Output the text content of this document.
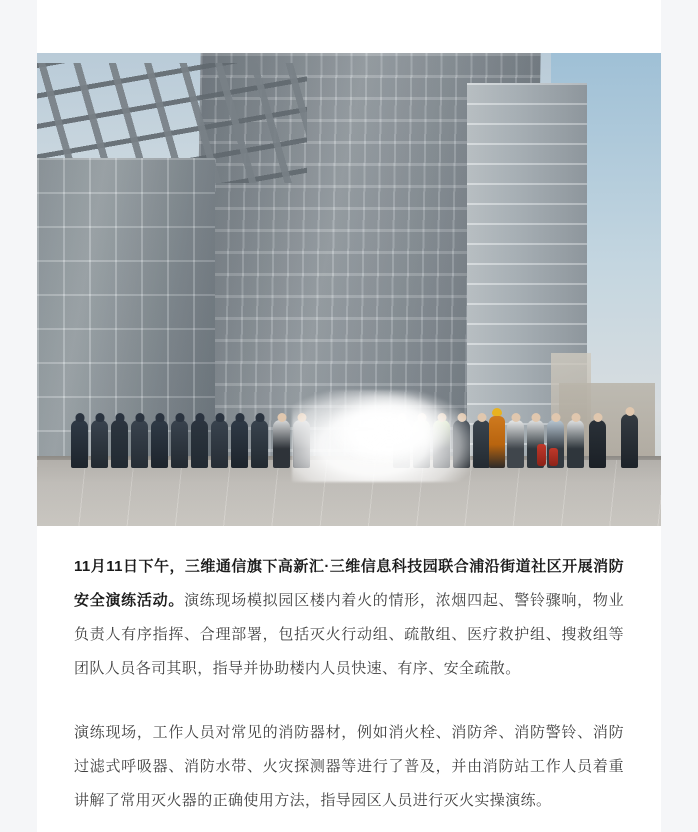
11月11日下午，三维通信旗下高新汇·三维信息科技园联合浦沿街道社区开展消防安全演练活动。演练现场模拟园区楼内着火的情形，浓烟四起、警铃骤响，物业负责人有序指挥、合理部署，包括灭火行动组、疏散组、医疗救护组、搜救组等团队人员各司其职，指导并协助楼内人员快速、有序、安全疏散。

演练现场，工作人员对常见的消防器材，例如消火栓、消防斧、消防警铃、消防过滤式呼吸器、消防水带、火灾探测器等进行了普及，并由消防站工作人员着重讲解了常用灭火器的正确使用方法，指导园区人员进行灭火实操演练。
